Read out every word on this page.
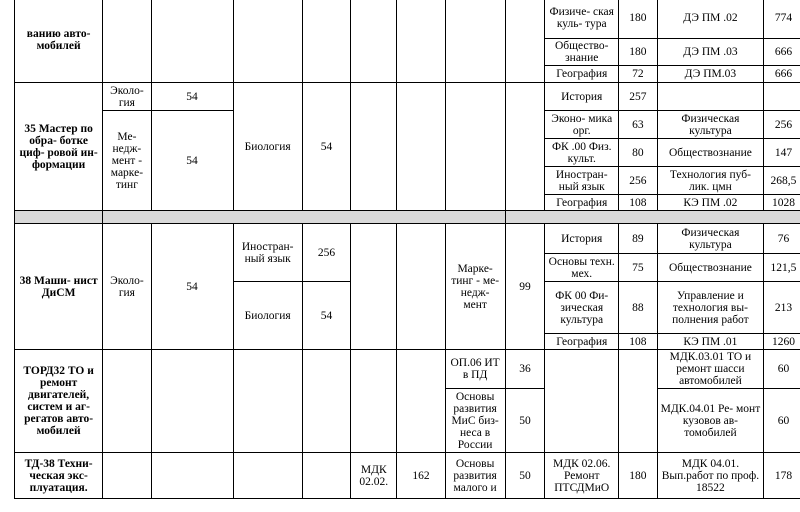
ванию авто- мобилей									Физиче- ская куль- тура	180	ДЭ ПМ .02	774
									Общество- знание	180	ДЭ ПМ .03	666
									География	72	ДЭ ПМ.03	666
35 Мастер по обра- ботке циф- ровой ин- формации	Эколо- гия	54	Биология	54					История	257		
	Ме- недж- мент - марке- тинг	54							Эконо- мика орг.	63	Физическая культура	256
									ФК .00 Физ. культ.	80	Обществознание	147
									Иностран- ный язык	256	Технология пуб- лик. цмн	268,5
									География	108	КЭ ПМ .02	1028

38 Маши- нист ДиСМ	Эколо- гия	54	Иностран- ный язык	256			Марке- тинг - ме- недж- мент	99	История	89	Физическая культура	76
									Основы техн. мех.	75	Обществознание	121,5
			Биология	54					ФК 00 Фи- зическая культура	88	Управление и технология вы- полнения работ	213
									География	108	КЭ ПМ .01	1260
ТОРД32 ТО и ремонт двигателей, систем и аг- регатов авто- мобилей							ОП.06 ИТ в ПД	36			МДК.03.01 ТО и ремонт шасси автомобилей	60
							Основы развития МиС биз- неса в России	50			МДК.04.01 Ре- монт кузовов ав- томобилей	60
ТД-38 Техни- ческая экс- плуатация.					МДК 02.02.	162	Основы развития малого и	50	МДК 02.06. Ремонт ПТСДМиО	180	МДК 04.01. Вып.работ по проф. 18522	178
